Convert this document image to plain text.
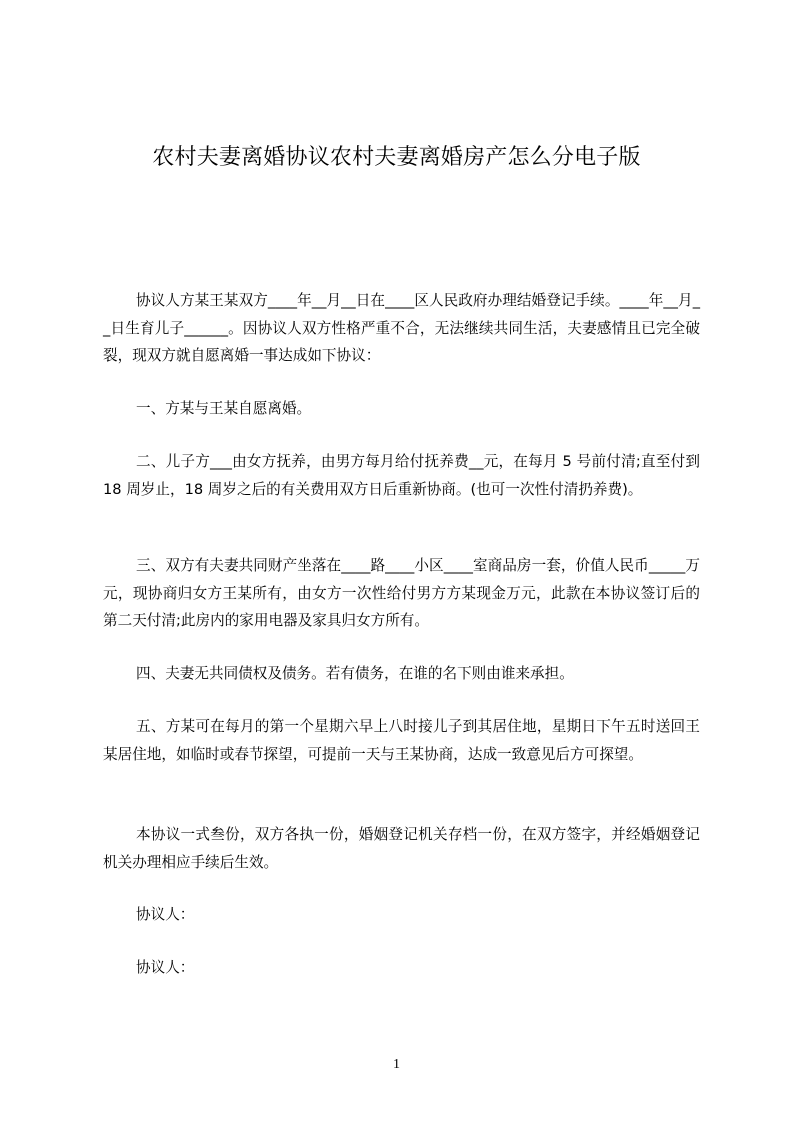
农村夫妻离婚协议农村夫妻离婚房产怎么分电子版
协议人方某王某双方____年__月__日在____区人民政府办理结婚登记手续。____年__月__日生育儿子______。因协议人双方性格严重不合，无法继续共同生活，夫妻感情且已完全破裂，现双方就自愿离婚一事达成如下协议：
一、方某与王某自愿离婚。
二、儿子方___由女方抚养，由男方每月给付抚养费__元，在每月 5 号前付清;直至付到 18 周岁止，18 周岁之后的有关费用双方日后重新协商。(也可一次性付清扔养费)。
三、双方有夫妻共同财产坐落在____路____小区____室商品房一套，价值人民币_____万元，现协商归女方王某所有，由女方一次性给付男方方某现金万元，此款在本协议签订后的第二天付清;此房内的家用电器及家具归女方所有。
四、夫妻无共同债权及债务。若有债务，在谁的名下则由谁来承担。
五、方某可在每月的第一个星期六早上八时接儿子到其居住地，星期日下午五时送回王某居住地，如临时或春节探望，可提前一天与王某协商，达成一致意见后方可探望。
本协议一式叁份，双方各执一份，婚姻登记机关存档一份，在双方签字，并经婚姻登记机关办理相应手续后生效。
协议人：
协议人：
1
